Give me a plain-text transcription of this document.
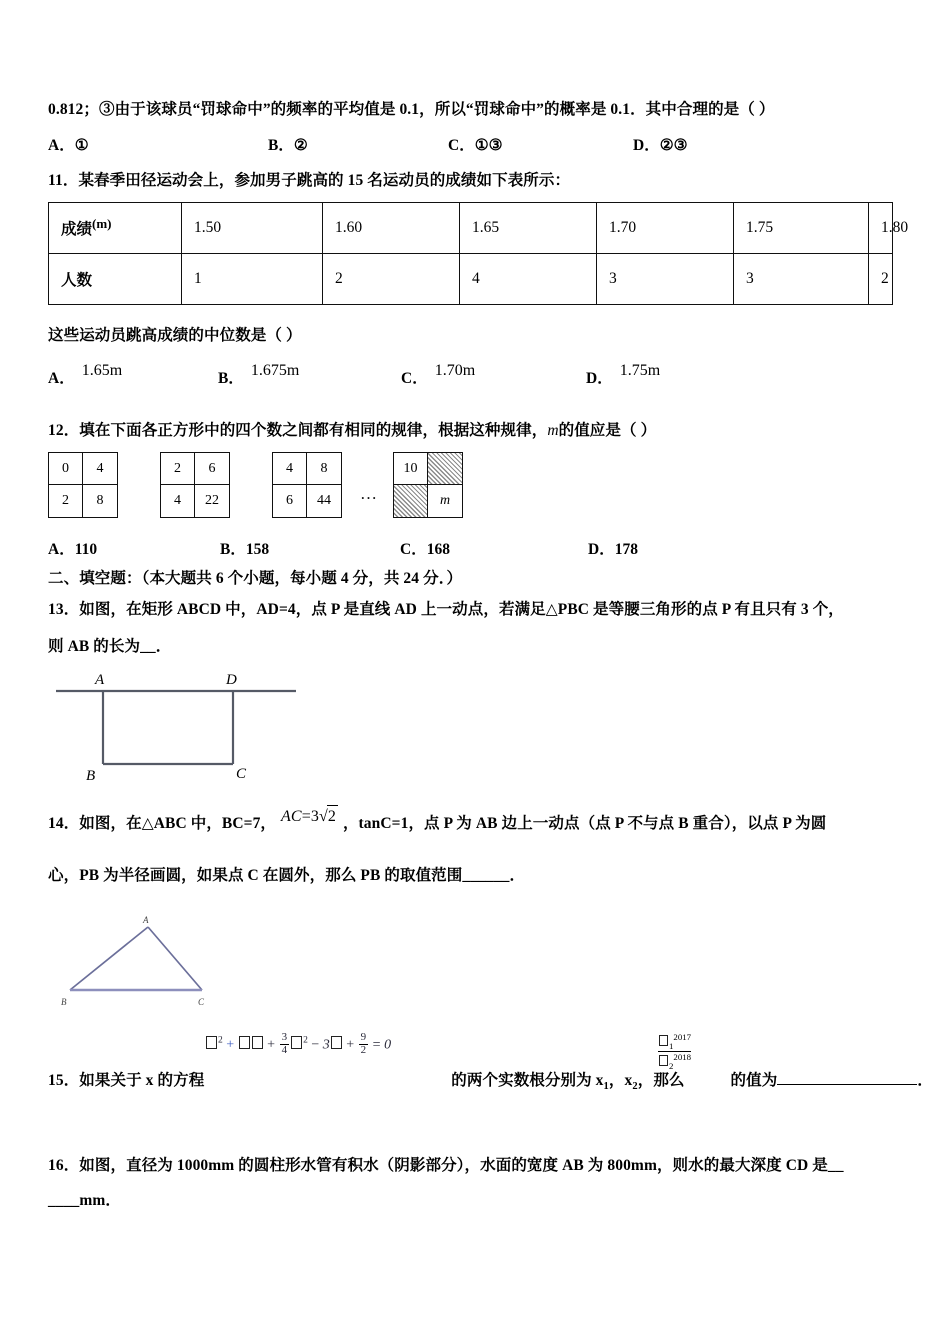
0.812；③由于该球员“罚球命中”的频率的平均值是 0.1，所以“罚球命中”的概率是 0.1．其中合理的是（ ）
A． ①	B． ②	C． ①③	D． ②③
11．某春季田径运动会上，参加男子跳高的 15 名运动员的成绩如下表所示：
成绩$^{(m)}$	1.50	1.60	1.65	1.70	1.75	1.80
人数	1	2	4	3	3	2
这些运动员跳高成绩的中位数是（ ）
A． 1.65 m	B． 1.675 m	C． 1.70 m	D． 1.75 m
12．填在下面各正方形中的四个数之间都有相同的规律，根据这种规律，m的值应是（ ）
0	4
2	8
2	6
4	22
4	8
6	44	…
10
m
A． 110	B． 158	C． 168	D． 178
二、填空题：（本大题共 6 个小题，每小题 4 分，共 24 分．）
13．如图，在矩形 ABCD 中，AD=4，点 P 是直线 AD 上一动点，若满足△PBC 是等腰三角形的点 P 有且只有 3 个，
则 AB 的长为__．
A	D
B	C
14．如图，在△ABC 中，BC=7， AC=3√2 ，tanC=1，点 P 为 AB 边上一动点（点 P 不与点 B 重合），以点 P 为圆
心，PB 为半径画圆，如果点 C 在圆外，那么 PB 的取值范围______．
A
B	C
$^2$ + + $\frac{3}{4} ^2 - 3 + \frac{9}{2} = 0$	$\frac{_1^{2017}}{_2^{2018}}$
15．如果关于 x 的方程	的两个实数根分别为 $x_1$，$x_2$，那么	的值为	．
16．如图，直径为 1000mm 的圆柱形水管有积水（阴影部分），水面的宽度 AB 为 800mm，则水的最大深度 CD 是__
____mm．
